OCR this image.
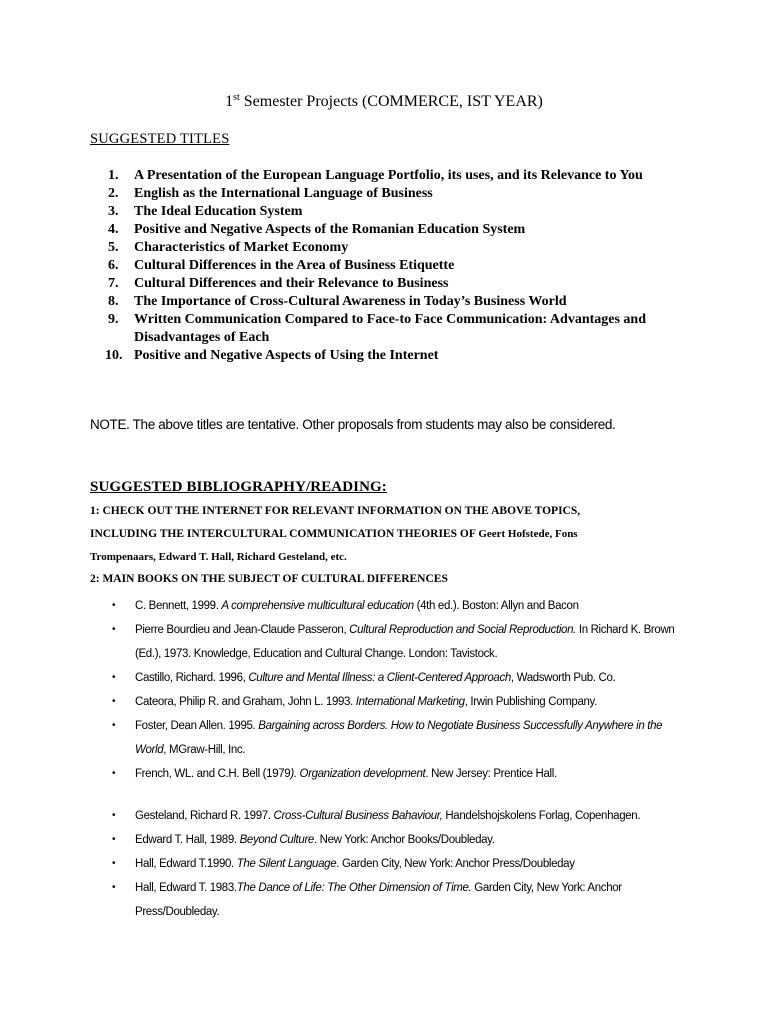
1st Semester Projects (COMMERCE, IST YEAR)
SUGGESTED TITLES
1. A Presentation of the European Language Portfolio, its uses, and its Relevance to You
2. English as the International Language of Business
3. The Ideal Education System
4. Positive and Negative Aspects of the Romanian Education System
5. Characteristics of Market Economy
6. Cultural Differences in the Area of Business Etiquette
7. Cultural Differences and their Relevance to Business
8. The Importance of Cross-Cultural Awareness in Today’s Business World
9. Written Communication Compared to Face-to Face Communication: Advantages and Disadvantages of Each
10. Positive and Negative Aspects of Using the Internet
NOTE. The above titles are tentative. Other proposals from students may also be considered.
SUGGESTED BIBLIOGRAPHY/READING:
1: CHECK OUT THE INTERNET FOR RELEVANT INFORMATION ON THE ABOVE TOPICS,
INCLUDING THE INTERCULTURAL COMMUNICATION THEORIES OF Geert Hofstede, Fons
Trompenaars, Edward T. Hall, Richard Gesteland, etc.
2: MAIN BOOKS ON THE SUBJECT OF CULTURAL DIFFERENCES
• C. Bennett, 1999. A comprehensive multicultural education (4th ed.). Boston: Allyn and Bacon
• Pierre Bourdieu and Jean-Claude Passeron, Cultural Reproduction and Social Reproduction. In Richard K. Brown (Ed.), 1973. Knowledge, Education and Cultural Change. London: Tavistock.
• Castillo, Richard. 1996, Culture and Mental Illness: a Client-Centered Approach, Wadsworth Pub. Co.
• Cateora, Philip R. and Graham, John L. 1993. International Marketing, Irwin Publishing Company.
• Foster, Dean Allen. 1995. Bargaining across Borders. How to Negotiate Business Successfully Anywhere in the World, MGraw-Hill, Inc.
• French, WL. and C.H. Bell (1979). Organization development. New Jersey: Prentice Hall.
• Gesteland, Richard R. 1997. Cross-Cultural Business Bahaviour, Handelshojskolens Forlag, Copenhagen.
• Edward T. Hall, 1989. Beyond Culture. New York: Anchor Books/Doubleday.
• Hall, Edward T.1990. The Silent Language. Garden City, New York: Anchor Press/Doubleday
• Hall, Edward T. 1983.The Dance of Life: The Other Dimension of Time. Garden City, New York: Anchor Press/Doubleday.
